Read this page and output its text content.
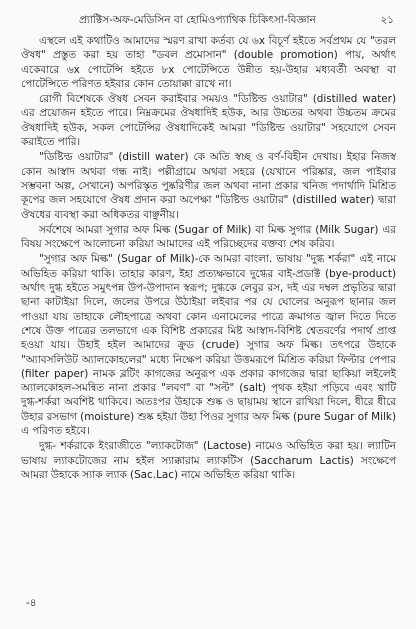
প্র্যাক্টিস-অফ-মেডিসিন বা হোমিওপ্যাথিক চিকিৎসা-বিজ্ঞান	২১

এস্থলে এই কথাটিও আমাদের স্মরণ রাখা কর্তব্য যে ৬x বিচূর্ণ হইতে সর্বপ্রথম যে "তরল ঔষধ" প্রস্তুত করা হয় তাহা "ডবল প্রমোসান" (double promotion) পায়, অর্থাৎ একেবারে ৬x পোটেন্সি হইতে ৮x পোটেন্সিতে উন্নীত হয়-উহার মধ্যবর্তী অবস্থা বা পোটেন্সিতে পরিণত হইবার কোন তোয়াক্কা রাখে না।

রোগী বিশেষকে ঔষধ সেবন করাইবার সময়ও "ডিষ্টিল্ড ওয়াটার" (distilled water) এর প্রয়োজন হইতে পারে। নিম্নক্রমের ঔষধাদিই হউক, আর উচ্চতর অথবা উচ্চতম ক্রমের ঔষধাদিই হউক, সকল পোটেন্সির ঔষধাদিকেই আমরা "ডিষ্টিল্ড ওয়াটার" সহযোগে সেবন করাইতে পারি।

"ডিষ্টিল্ড ওয়াটার" (distill water) কে অতি স্বচ্ছ ও বর্ণ-বিহীন দেখায়। ইহার নিজস্ব কোন আস্বাদ অথবা গন্ধ নাই। পল্লীগ্রামে অথবা সহরে (যেখানে পরিষ্কার, জল পাইবার সম্ভবনা অল্প, সেখানে) অপরিস্কৃত পুষ্করিণীর জল অথবা নানা প্রকার খনিজ পদার্থাদি মিশ্রিত কূপের জল সহযোগে ঔষধ প্রদান করা অপেক্ষা "ডিষ্টিল্ড ওয়াটার" (distilled water) দ্বারা ঔষধের ব্যবস্থা করা অধিকতর বাঞ্ছনীয়।

সর্বশেষে আমরা সুগার অফ মিল্ক (Sugar of Milk) বা মিল্ক সুগার (Milk Sugar) এর বিষয় সংক্ষেপে আলোচনা করিয়া আমাদের এই পরিচ্ছেদের বক্তব্য শেষ করিব।

"সুগার অফ মিল্ক" (Sugar of Milk)-কে আমরা বাংলা. ভাষায় "দুগ্ধ শর্করা" এই নামে অভিহিত করিয়া থাকি। তাহার কারণ, ইহা প্রত্যক্ষভাবে দুগ্ধের বাই-প্রডাক্ট (bye-product) অর্থাৎ দুগ্ধ হইতে সমুৎপন্ন উপ-উপাদান স্বরূপ; দুগ্ধকে লেবুর রস, দই এর দম্বল প্রভৃতির দ্বারা ছানা কাটাইয়া দিলে, জলের উপরে উঠাইয়া লইবার পর যে ঘোলের অনুরূপ ছানার জল পাওয়া যায় তাহাকে লৌহপাত্রে অথবা কোন এনামেলের পাত্রে ক্রমাগত জ্বাল দিতে দিতে শেষে উক্ত পাত্রের তলভাগে এক বিশিষ্ট প্রকারের মিষ্ট আস্বাদ-বিশিষ্ট শ্বেতবর্ণের পদার্থ প্রাপ্ত হওয়া যায়। উহাই হইল আমাদের ক্রুড (crude) সুগার অফ মিল্ক। তৎপরে উহাকে "অ্যাবসলিউট অ্যালকোহলের" মধ্যে নিক্ষেপ করিয়া উত্তমরূপে মিশ্রিত করিয়া ফিল্টার পেপার (filter paper) নামক ব্লটিং কাগজের অনুরূপ এক প্রকার কাগজের দ্বারা ছাকিয়া লইলেই অ্যালকোহল-সমন্বিত নানা প্রকার "লবণ" বা "সল্ট" (salt) পৃথক হইয়া পড়িবে এবং খাটি দুগ্ধ-শর্করা অবশিষ্ট থাকিবে। অতঃপর উহাকে শুষ্ক ও ছায়াময় স্থানে রাখিয়া দিলে, ধীরে ধীরে উহার রসভাগ (moisture) শুষ্ক হইয়া উহা পিওর সুগার অফ মিল্ক (pure Sugar of Milk) এ পরিণত হইবে।

দুগ্ধ- শর্করাকে ইংরাজীতে "ল্যাকটোজ" (Lactose) নামেও অভিহিত করা হয়। ল্যাটিন ভাষায় ল্যাকটোজের নাম হইল স্যাক্কারাম ল্যাকটিস (Saccharum Lactis) সংক্ষেপে আমরা উহাকে স্যাক ল্যাক (Sac.Lac) নামে অভিহিত করিয়া থাকি।

-৪
